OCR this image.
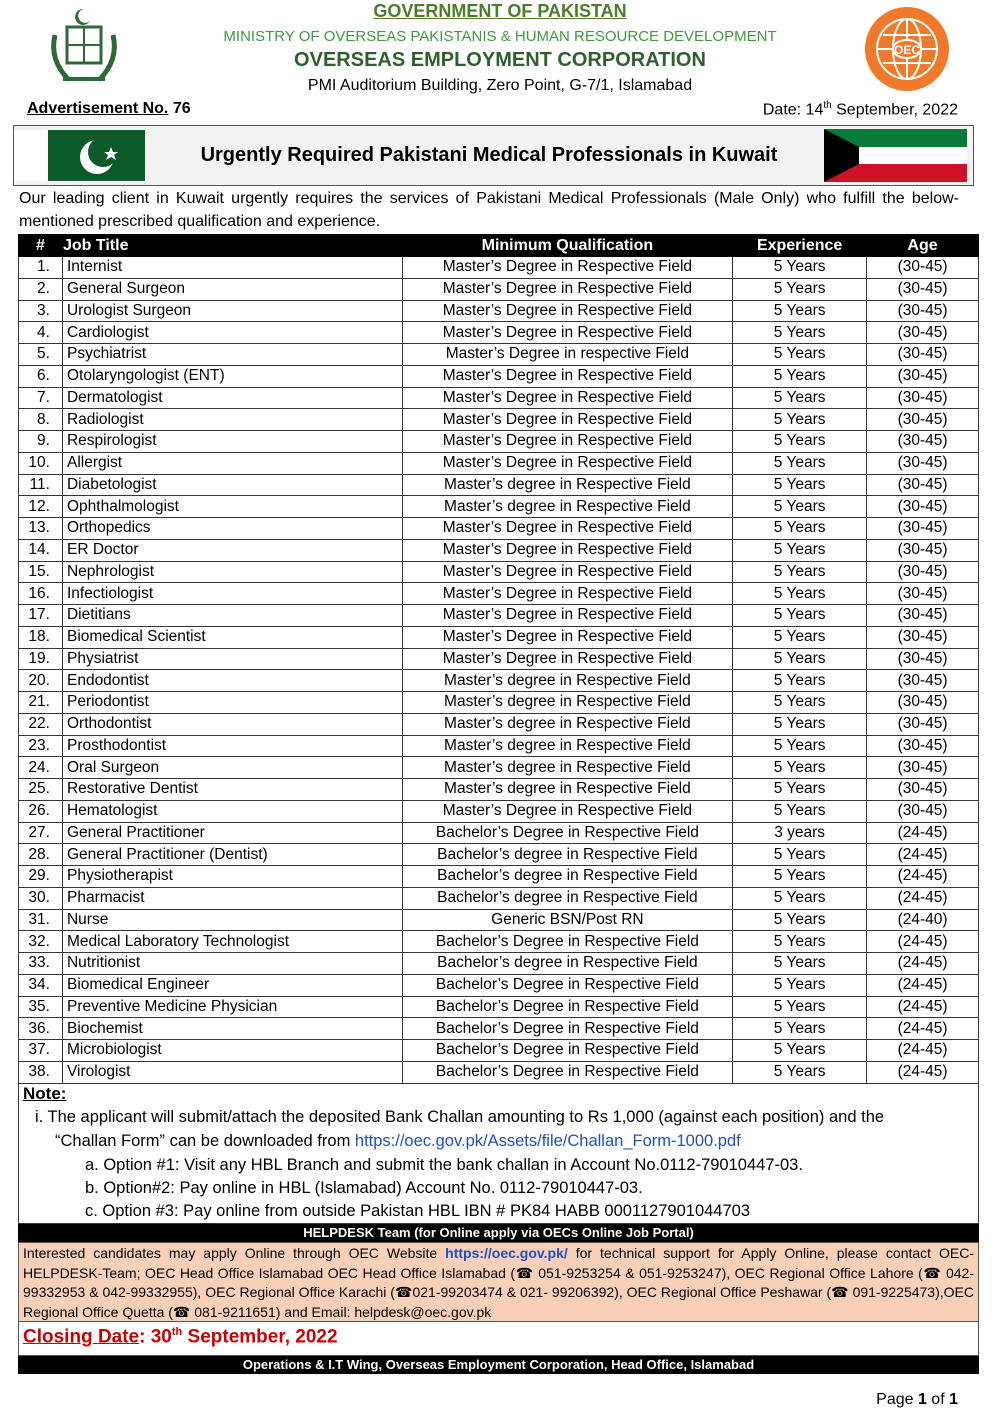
GOVERNMENT OF PAKISTAN
MINISTRY OF OVERSEAS PAKISTANIS & HUMAN RESOURCE DEVELOPMENT
OVERSEAS EMPLOYMENT CORPORATION
PMI Auditorium Building, Zero Point, G-7/1, Islamabad
OEC
Advertisement No. 76	Date: 14th September, 2022
Urgently Required Pakistani Medical Professionals in Kuwait
Our leading client in Kuwait urgently requires the services of Pakistani Medical Professionals (Male Only) who fulfill the below-mentioned prescribed qualification and experience.
#	Job Title	Minimum Qualification	Experience	Age
1.	Internist	Master’s Degree in Respective Field	5 Years	(30-45)
2.	General Surgeon	Master’s Degree in Respective Field	5 Years	(30-45)
3.	Urologist Surgeon	Master’s Degree in Respective Field	5 Years	(30-45)
4.	Cardiologist	Master’s Degree in Respective Field	5 Years	(30-45)
5.	Psychiatrist	Master’s Degree in respective Field	5 Years	(30-45)
6.	Otolaryngologist (ENT)	Master’s Degree in Respective Field	5 Years	(30-45)
7.	Dermatologist	Master’s Degree in Respective Field	5 Years	(30-45)
8.	Radiologist	Master’s Degree in Respective Field	5 Years	(30-45)
9.	Respirologist	Master’s Degree in Respective Field	5 Years	(30-45)
10.	Allergist	Master’s Degree in Respective Field	5 Years	(30-45)
11.	Diabetologist	Master’s degree in Respective Field	5 Years	(30-45)
12.	Ophthalmologist	Master’s degree in Respective Field	5 Years	(30-45)
13.	Orthopedics	Master’s Degree in Respective Field	5 Years	(30-45)
14.	ER Doctor	Master’s Degree in Respective Field	5 Years	(30-45)
15.	Nephrologist	Master’s Degree in Respective Field	5 Years	(30-45)
16.	Infectiologist	Master’s Degree in Respective Field	5 Years	(30-45)
17.	Dietitians	Master’s Degree in Respective Field	5 Years	(30-45)
18.	Biomedical Scientist	Master’s Degree in Respective Field	5 Years	(30-45)
19.	Physiatrist	Master’s Degree in Respective Field	5 Years	(30-45)
20.	Endodontist	Master’s degree in Respective Field	5 Years	(30-45)
21.	Periodontist	Master’s degree in Respective Field	5 Years	(30-45)
22.	Orthodontist	Master’s degree in Respective Field	5 Years	(30-45)
23.	Prosthodontist	Master’s degree in Respective Field	5 Years	(30-45)
24.	Oral Surgeon	Master’s degree in Respective Field	5 Years	(30-45)
25.	Restorative Dentist	Master’s degree in Respective Field	5 Years	(30-45)
26.	Hematologist	Master’s Degree in Respective Field	5 Years	(30-45)
27.	General Practitioner	Bachelor’s Degree in Respective Field	3 years	(24-45)
28.	General Practitioner (Dentist)	Bachelor’s degree in Respective Field	5 Years	(24-45)
29.	Physiotherapist	Bachelor’s degree in Respective Field	5 Years	(24-45)
30.	Pharmacist	Bachelor’s degree in Respective Field	5 Years	(24-45)
31.	Nurse	Generic BSN/Post RN	5 Years	(24-40)
32.	Medical Laboratory Technologist	Bachelor’s Degree in Respective Field	5 Years	(24-45)
33.	Nutritionist	Bachelor’s degree in Respective Field	5 Years	(24-45)
34.	Biomedical Engineer	Bachelor’s Degree in Respective Field	5 Years	(24-45)
35.	Preventive Medicine Physician	Bachelor’s Degree in Respective Field	5 Years	(24-45)
36.	Biochemist	Bachelor’s Degree in Respective Field	5 Years	(24-45)
37.	Microbiologist	Bachelor’s Degree in Respective Field	5 Years	(24-45)
38.	Virologist	Bachelor’s Degree in Respective Field	5 Years	(24-45)
Note:
i. The applicant will submit/attach the deposited Bank Challan amounting to Rs 1,000 (against each position) and the
“Challan Form” can be downloaded from https://oec.gov.pk/Assets/file/Challan_Form-1000.pdf
a. Option #1: Visit any HBL Branch and submit the bank challan in Account No.0112-79010447-03.
b. Option#2: Pay online in HBL (Islamabad) Account No. 0112-79010447-03.
c. Option #3: Pay online from outside Pakistan HBL IBN # PK84 HABB 0001127901044703
HELPDESK Team (for Online apply via OECs Online Job Portal)
Interested candidates may apply Online through OEC Website https://oec.gov.pk/ for technical support for Apply Online, please contact OEC-HELPDESK-Team; OEC Head Office Islamabad OEC Head Office Islamabad (☎ 051-9253254 & 051-9253247), OEC Regional Office Lahore (☎ 042-99332953 & 042-99332955), OEC Regional Office Karachi (☎021-99203474 & 021- 99206392), OEC Regional Office Peshawar (☎ 091-9225473),OEC Regional Office Quetta (☎ 081-9211651) and Email: helpdesk@oec.gov.pk
Closing Date: 30th September, 2022
Operations & I.T Wing, Overseas Employment Corporation, Head Office, Islamabad
Page 1 of 1
